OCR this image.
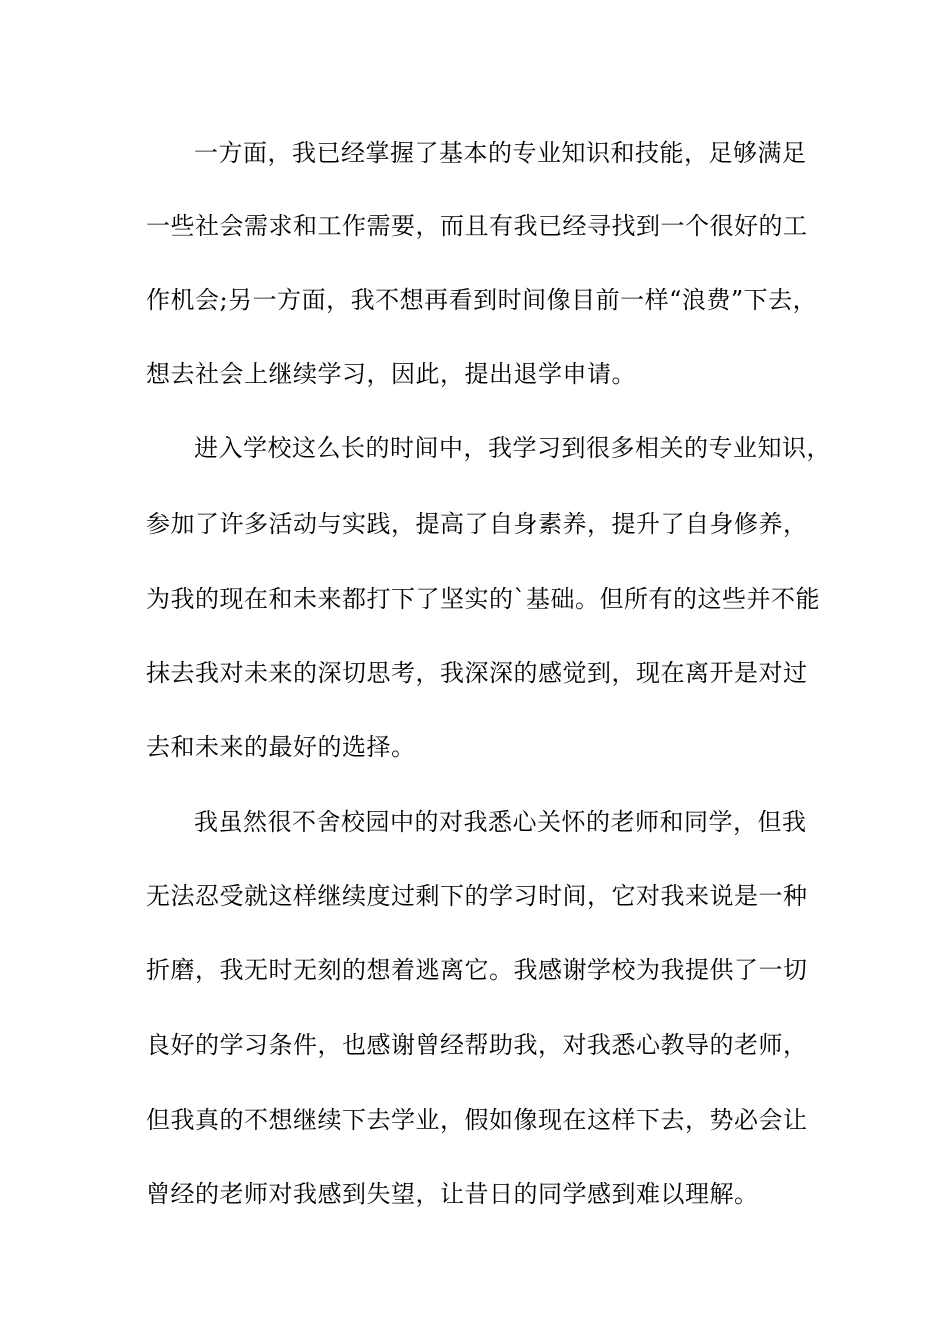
一方面，我已经掌握了基本的专业知识和技能，足够满足
一些社会需求和工作需要，而且有我已经寻找到一个很好的工
作机会;另一方面，我不想再看到时间像目前一样“浪费”下去，
想去社会上继续学习，因此，提出退学申请。
进入学校这么长的时间中，我学习到很多相关的专业知识，
参加了许多活动与实践，提高了自身素养，提升了自身修养，
为我的现在和未来都打下了坚实的`基础。但所有的这些并不能
抹去我对未来的深切思考，我深深的感觉到，现在离开是对过
去和未来的最好的选择。
我虽然很不舍校园中的对我悉心关怀的老师和同学，但我
无法忍受就这样继续度过剩下的学习时间，它对我来说是一种
折磨，我无时无刻的想着逃离它。我感谢学校为我提供了一切
良好的学习条件，也感谢曾经帮助我，对我悉心教导的老师，
但我真的不想继续下去学业，假如像现在这样下去，势必会让
曾经的老师对我感到失望，让昔日的同学感到难以理解。
